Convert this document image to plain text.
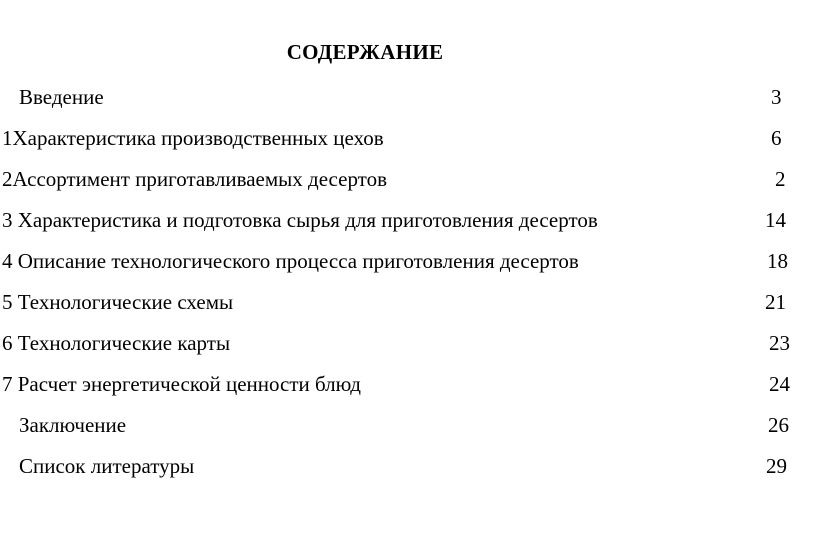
СОДЕРЖАНИЕ
Введение	3
1Характеристика производственных цехов	6
2Ассортимент приготавливаемых десертов	2
3 Характеристика и подготовка сырья для приготовления десертов	14
4 Описание технологического процесса приготовления десертов	18
5 Технологические схемы	21
6 Технологические карты	23
7 Расчет энергетической ценности блюд	24
Заключение	26
Список литературы	29
